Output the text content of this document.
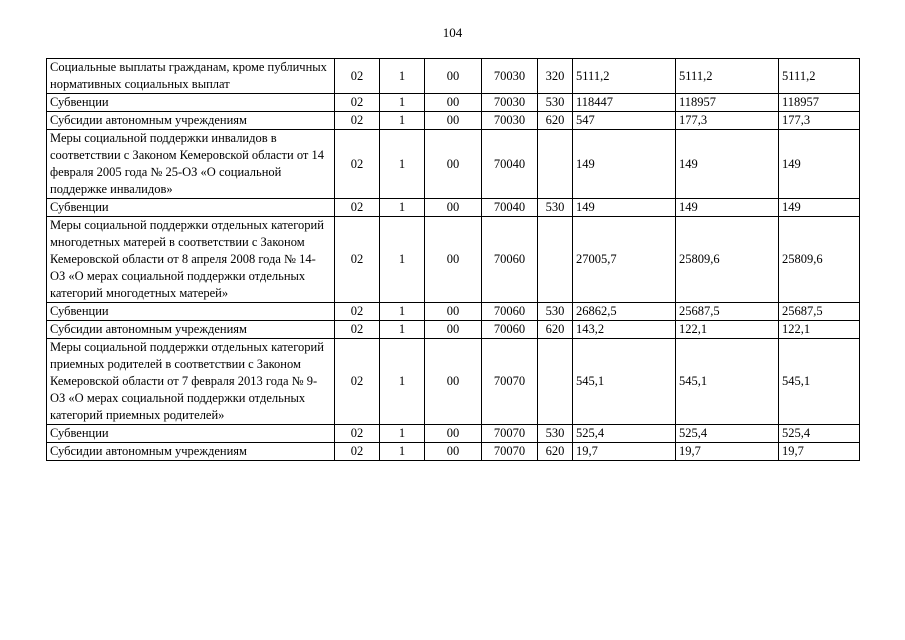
104
Социальные выплаты гражданам, кроме публичных нормативных социальных выплат	02	1	00	70030	320	5111,2	5111,2	5111,2
Субвенции	02	1	00	70030	530	118447	118957	118957
Субсидии автономным учреждениям	02	1	00	70030	620	547	177,3	177,3
Меры социальной поддержки инвалидов в соответствии с Законом Кемеровской области от 14 февраля 2005 года № 25-ОЗ «О социальной поддержке инвалидов»	02	1	00	70040		149	149	149
Субвенции	02	1	00	70040	530	149	149	149
Меры социальной поддержки отдельных категорий многодетных матерей в соответствии с Законом Кемеровской области от 8 апреля 2008 года № 14-ОЗ «О мерах социальной поддержки отдельных категорий многодетных матерей»	02	1	00	70060		27005,7	25809,6	25809,6
Субвенции	02	1	00	70060	530	26862,5	25687,5	25687,5
Субсидии автономным учреждениям	02	1	00	70060	620	143,2	122,1	122,1
Меры социальной поддержки отдельных категорий приемных родителей в соответствии с Законом Кемеровской области от 7 февраля 2013 года № 9-ОЗ «О мерах социальной поддержки отдельных категорий приемных родителей»	02	1	00	70070		545,1	545,1	545,1
Субвенции	02	1	00	70070	530	525,4	525,4	525,4
Субсидии автономным учреждениям	02	1	00	70070	620	19,7	19,7	19,7
